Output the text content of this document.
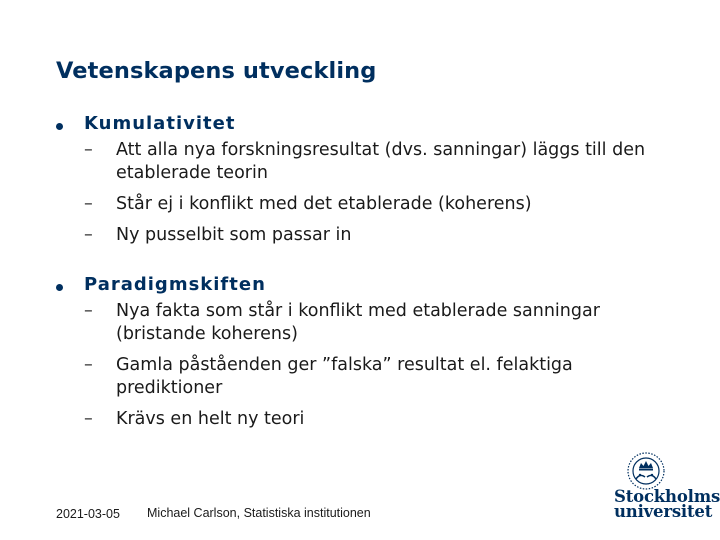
Vetenskapens utveckling
Kumulativitet
– Att alla nya forskningsresultat (dvs. sanningar) läggs till den etablerade teorin
– Står ej i konflikt med det etablerade (koherens)
– Ny pusselbit som passar in
Paradigmskiften
– Nya fakta som står i konflikt med etablerade sanningar (bristande koherens)
– Gamla påståenden ger ”falska” resultat el. felaktiga prediktioner
– Krävs en helt ny teori
2021-03-05 Michael Carlson, Statistiska institutionen
Stockholms
universitet
